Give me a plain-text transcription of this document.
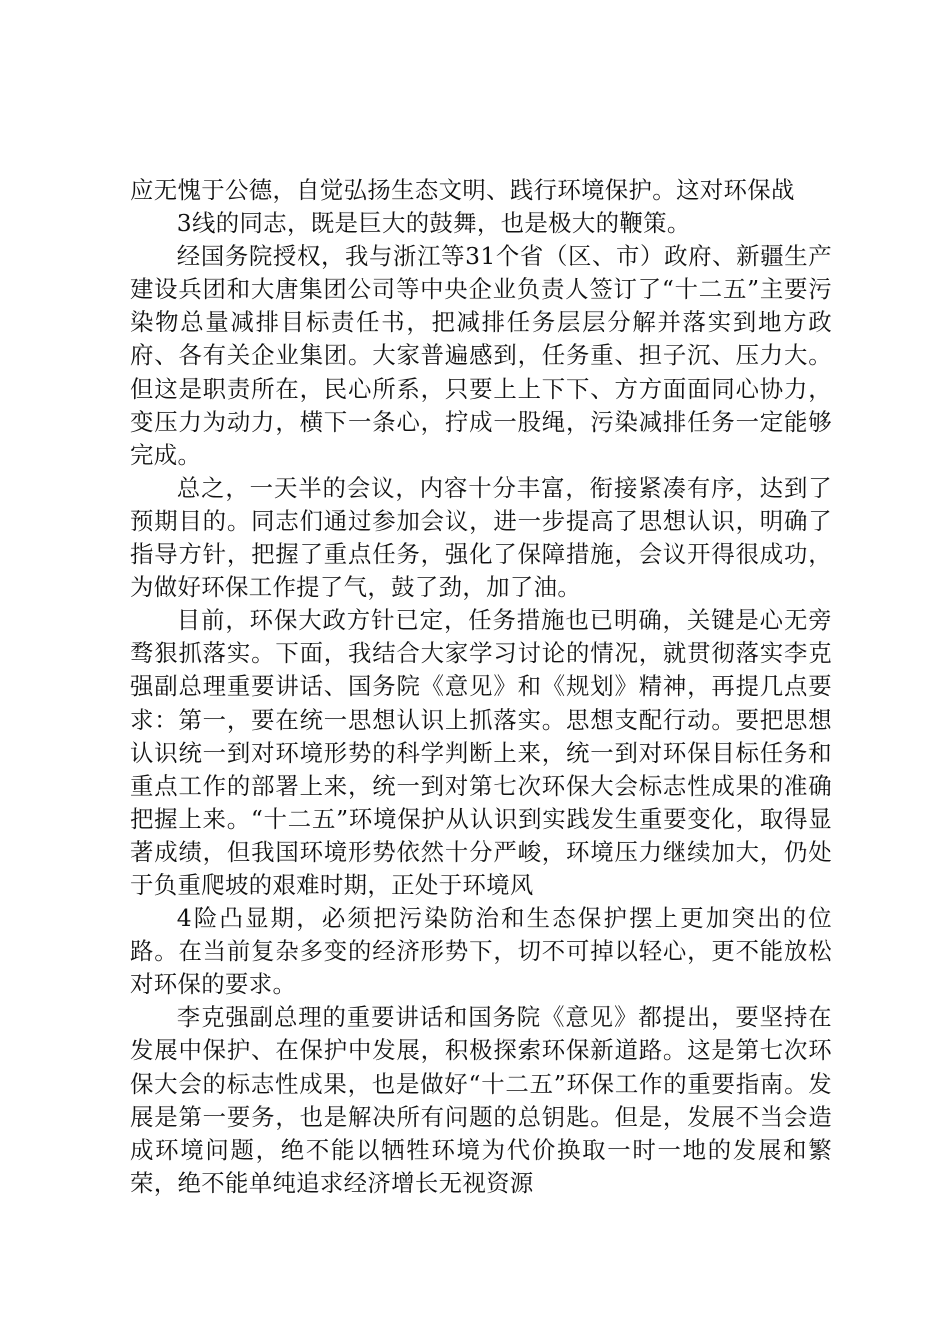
应无愧于公德，自觉弘扬生态文明、践行环境保护。这对环保战

3线的同志，既是巨大的鼓舞，也是极大的鞭策。

经国务院授权，我与浙江等31个省（区、市）政府、新疆生产建设兵团和大唐集团公司等中央企业负责人签订了“十二五”主要污染物总量减排目标责任书，把减排任务层层分解并落实到地方政府、各有关企业集团。大家普遍感到，任务重、担子沉、压力大。但这是职责所在，民心所系，只要上上下下、方方面面同心协力，变压力为动力，横下一条心，拧成一股绳，污染减排任务一定能够完成。

总之，一天半的会议，内容十分丰富，衔接紧凑有序，达到了预期目的。同志们通过参加会议，进一步提高了思想认识，明确了指导方针，把握了重点任务，强化了保障措施，会议开得很成功，为做好环保工作提了气，鼓了劲，加了油。

目前，环保大政方针已定，任务措施也已明确，关键是心无旁骛狠抓落实。下面，我结合大家学习讨论的情况，就贯彻落实李克强副总理重要讲话、国务院《意见》和《规划》精神，再提几点要求：第一，要在统一思想认识上抓落实。思想支配行动。要把思想认识统一到对环境形势的科学判断上来，统一到对环保目标任务和重点工作的部署上来，统一到对第七次环保大会标志性成果的准确把握上来。“十二五”环境保护从认识到实践发生重要变化，取得显著成绩，但我国环境形势依然十分严峻，环境压力继续加大，仍处于负重爬坡的艰难时期，正处于环境风

4险凸显期，必须把污染防治和生态保护摆上更加突出的位路。在当前复杂多变的经济形势下，切不可掉以轻心，更不能放松对环保的要求。

李克强副总理的重要讲话和国务院《意见》都提出，要坚持在发展中保护、在保护中发展，积极探索环保新道路。这是第七次环保大会的标志性成果，也是做好“十二五”环保工作的重要指南。发展是第一要务，也是解决所有问题的总钥匙。但是，发展不当会造成环境问题，绝不能以牺牲环境为代价换取一时一地的发展和繁荣，绝不能单纯追求经济增长无视资源
